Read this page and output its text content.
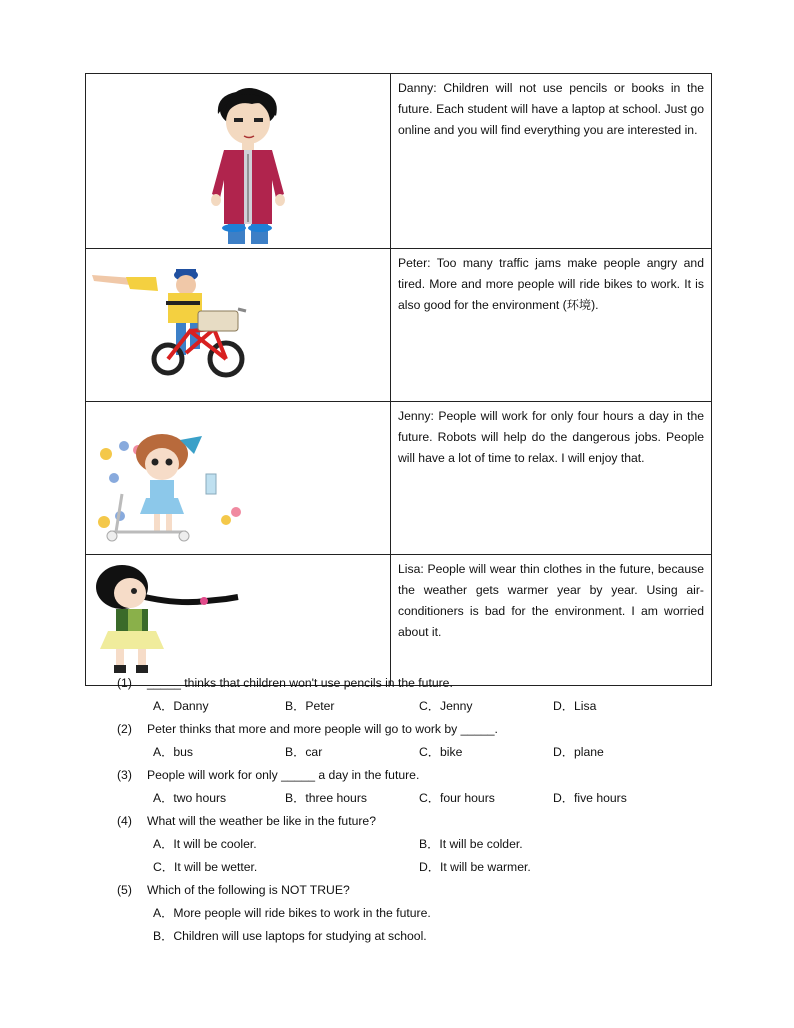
	Danny: Children will not use pencils or books in the future. Each student will have a laptop at school. Just go online and you will find everything you are interested in.

	Peter: Too many traffic jams make people angry and tired. More and more people will ride bikes to work. It is also good for the environment (环境).

	Jenny: People will work for only four hours a day in the future. Robots will help do the dangerous jobs. People will have a lot of time to relax. I will enjoy that.

	Lisa: People will wear thin clothes in the future, because the weather gets warmer year by year. Using air-conditioners is bad for the environment. I am worried about it.
(1) _____ thinks that children won't use pencils in the future.
A．Danny	B．Peter	C．Jenny	D．Lisa
(2) Peter thinks that more and more people will go to work by _____.
A．bus	B．car	C．bike	D．plane
(3) People will work for only _____ a day in the future.
A．two hours	B．three hours	C．four hours	D．five hours
(4) What will the weather be like in the future?
A．It will be cooler.	B．It will be colder.
C．It will be wetter.	D．It will be warmer.
(5) Which of the following is NOT TRUE?
A．More people will ride bikes to work in the future.
B．Children will use laptops for studying at school.
